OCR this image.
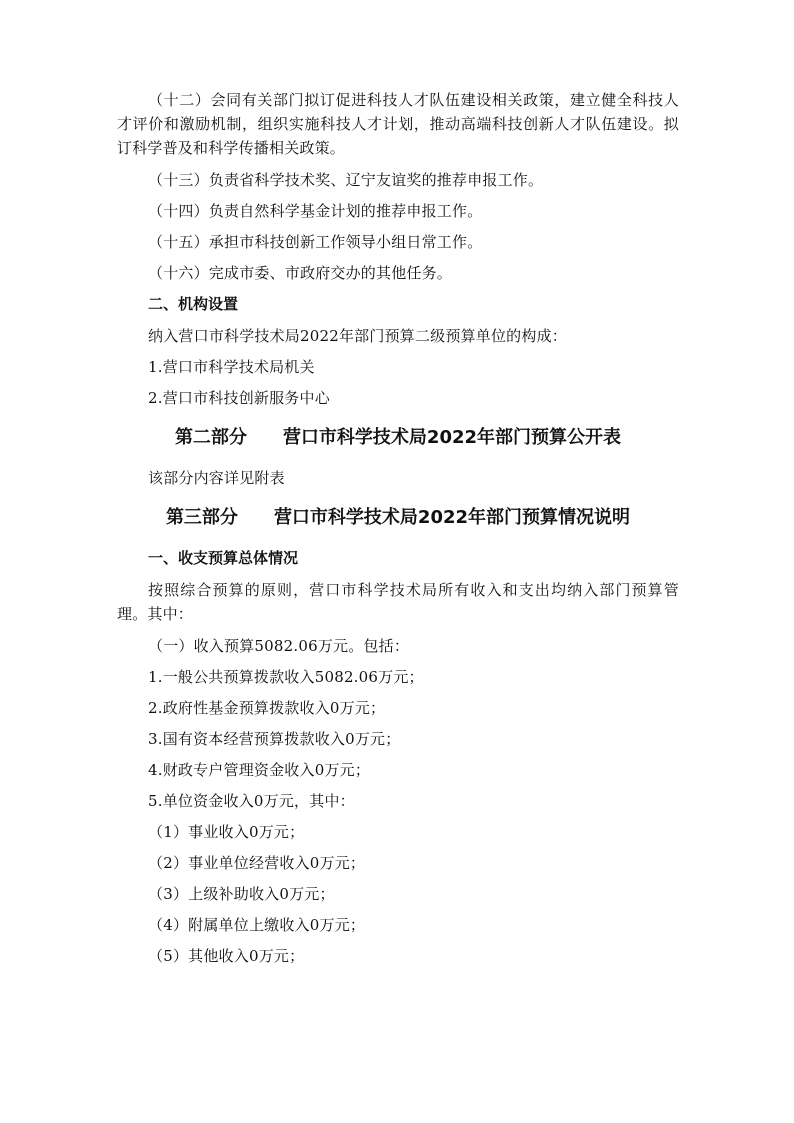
（十二）会同有关部门拟订促进科技人才队伍建设相关政策，建立健全科技人才评价和激励机制，组织实施科技人才计划，推动高端科技创新人才队伍建设。拟订科学普及和科学传播相关政策。

（十三）负责省科学技术奖、辽宁友谊奖的推荐申报工作。

（十四）负责自然科学基金计划的推荐申报工作。

（十五）承担市科技创新工作领导小组日常工作。

（十六）完成市委、市政府交办的其他任务。

二、机构设置

纳入营口市科学技术局2022年部门预算二级预算单位的构成：

1.营口市科学技术局机关

2.营口市科技创新服务中心

第二部分 营口市科学技术局2022年部门预算公开表

该部分内容详见附表

第三部分 营口市科学技术局2022年部门预算情况说明
一、收支预算总体情况

按照综合预算的原则，营口市科学技术局所有收入和支出均纳入部门预算管理。其中：

（一）收入预算5082.06万元。包括：

1.一般公共预算拨款收入5082.06万元；

2.政府性基金预算拨款收入0万元；

3.国有资本经营预算拨款收入0万元；

4.财政专户管理资金收入0万元；

5.单位资金收入0万元，其中：

（1）事业收入0万元；

（2）事业单位经营收入0万元；

（3）上级补助收入0万元；

（4）附属单位上缴收入0万元；

（5）其他收入0万元；
